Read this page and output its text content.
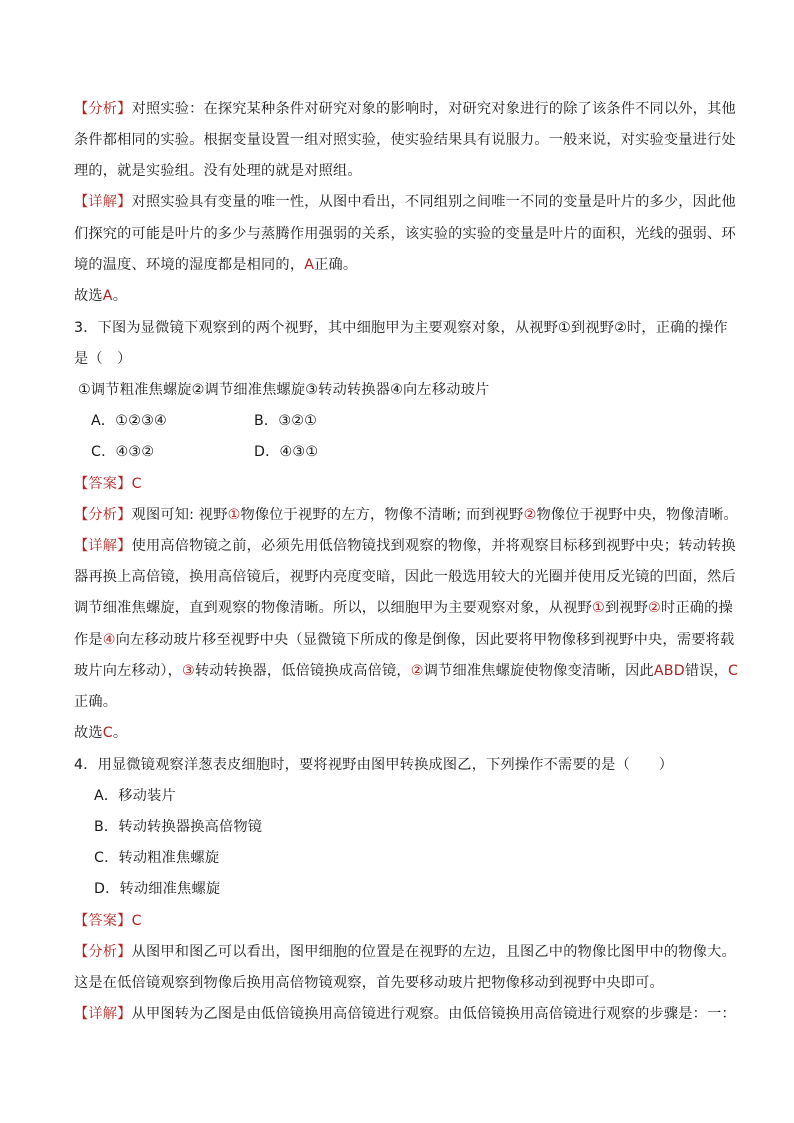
【分析】对照实验：在探究某种条件对研究对象的影响时，对研究对象进行的除了该条件不同以外，其他
条件都相同的实验。根据变量设置一组对照实验，使实验结果具有说服力。一般来说，对实验变量进行处
理的，就是实验组。没有处理的就是对照组。
【详解】对照实验具有变量的唯一性，从图中看出，不同组别之间唯一不同的变量是叶片的多少，因此他
们探究的可能是叶片的多少与蒸腾作用强弱的关系，该实验的实验的变量是叶片的面积，光线的强弱、环
境的温度、环境的湿度都是相同的，A正确。
故选A。
3．下图为显微镜下观察到的两个视野，其中细胞甲为主要观察对象，从视野①到视野②时，正确的操作
是（　）
①调节粗准焦螺旋②调节细准焦螺旋③转动转换器④向左移动玻片
A．①②③④	B．③②①
C．④③②	D．④③①
【答案】C
【分析】观图可知: 视野①物像位于视野的左方，物像不清晰; 而到视野②物像位于视野中央，物像清晰。
【详解】使用高倍物镜之前，必须先用低倍物镜找到观察的物像，并将观察目标移到视野中央；转动转换
器再换上高倍镜，换用高倍镜后，视野内亮度变暗，因此一般选用较大的光圈并使用反光镜的凹面，然后
调节细准焦螺旋，直到观察的物像清晰。所以，以细胞甲为主要观察对象，从视野①到视野②时正确的操
作是④向左移动玻片移至视野中央（显微镜下所成的像是倒像，因此要将甲物像移到视野中央，需要将载
玻片向左移动），③转动转换器，低倍镜换成高倍镜，②调节细准焦螺旋使物像变清晰，因此ABD错误，C
正确。
故选C。
4．用显微镜观察洋葱表皮细胞时，要将视野由图甲转换成图乙，下列操作不需要的是（　　）
A．移动装片
B．转动转换器换高倍物镜
C．转动粗准焦螺旋
D．转动细准焦螺旋
【答案】C
【分析】从图甲和图乙可以看出，图甲细胞的位置是在视野的左边，且图乙中的物像比图甲中的物像大。
这是在低倍镜观察到物像后换用高倍物镜观察，首先要移动玻片把物像移动到视野中央即可。
【详解】从甲图转为乙图是由低倍镜换用高倍镜进行观察。由低倍镜换用高倍镜进行观察的步骤是：一：
